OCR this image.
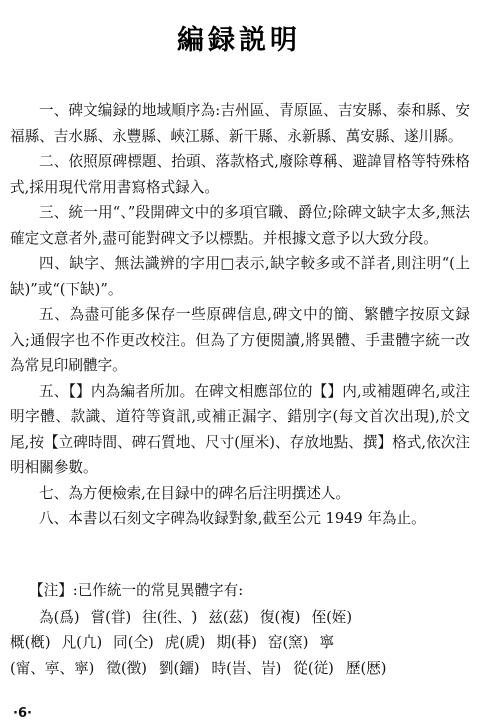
編録説明

一、碑文编録的地域順序為:吉州區、青原區、吉安縣、泰和縣、安福縣、吉水縣、永豐縣、峽江縣、新干縣、永新縣、萬安縣、遂川縣。

二、依照原碑標題、抬頭、落款格式,廢除尊稱、避諱冒格等特殊格式,採用現代常用書寫格式録入。

三、統一用“、”段開碑文中的多項官職、爵位;除碑文缺字太多,無法確定文意者外,盡可能對碑文予以標點。并根據文意予以大致分段。

四、缺字、無法識辨的字用□表示,缺字較多或不詳者,則注明“(上缺)”或“(下缺)”。

五、為盡可能多保存一些原碑信息,碑文中的簡、繁體字按原文録入;通假字也不作更改校注。但為了方便閲讀,將異體、手畫體字統一改為常見印刷體字。

五、【】内為編者所加。在碑文相應部位的【】内,或補題碑名,或注明字體、款識、道符等資訊,或補正漏字、錯別字(每文首次出現),於文尾,按【立碑時間、碑石質地、尺寸(厘米)、存放地點、撰】格式,依次注明相關參數。

七、為方便檢索,在目録中的碑名后注明撰述人。

八、本書以石刻文字碑為收録對象,截至公元 1949 年為止。

【注】:已作統一的常見異體字有:

為(爲) 嘗(甞) 往(徃、࣠) 兹(茲) 復(複) 侄(姪)
概(槪) 凡(凣) 同(仝) 虎(虒) 期(朞) 窑(窯) 寧
(甯、寕、寜) 徵(徴) 劉(鐂) 時(旹、峕) 從(従) 歷(厯)
·6·
